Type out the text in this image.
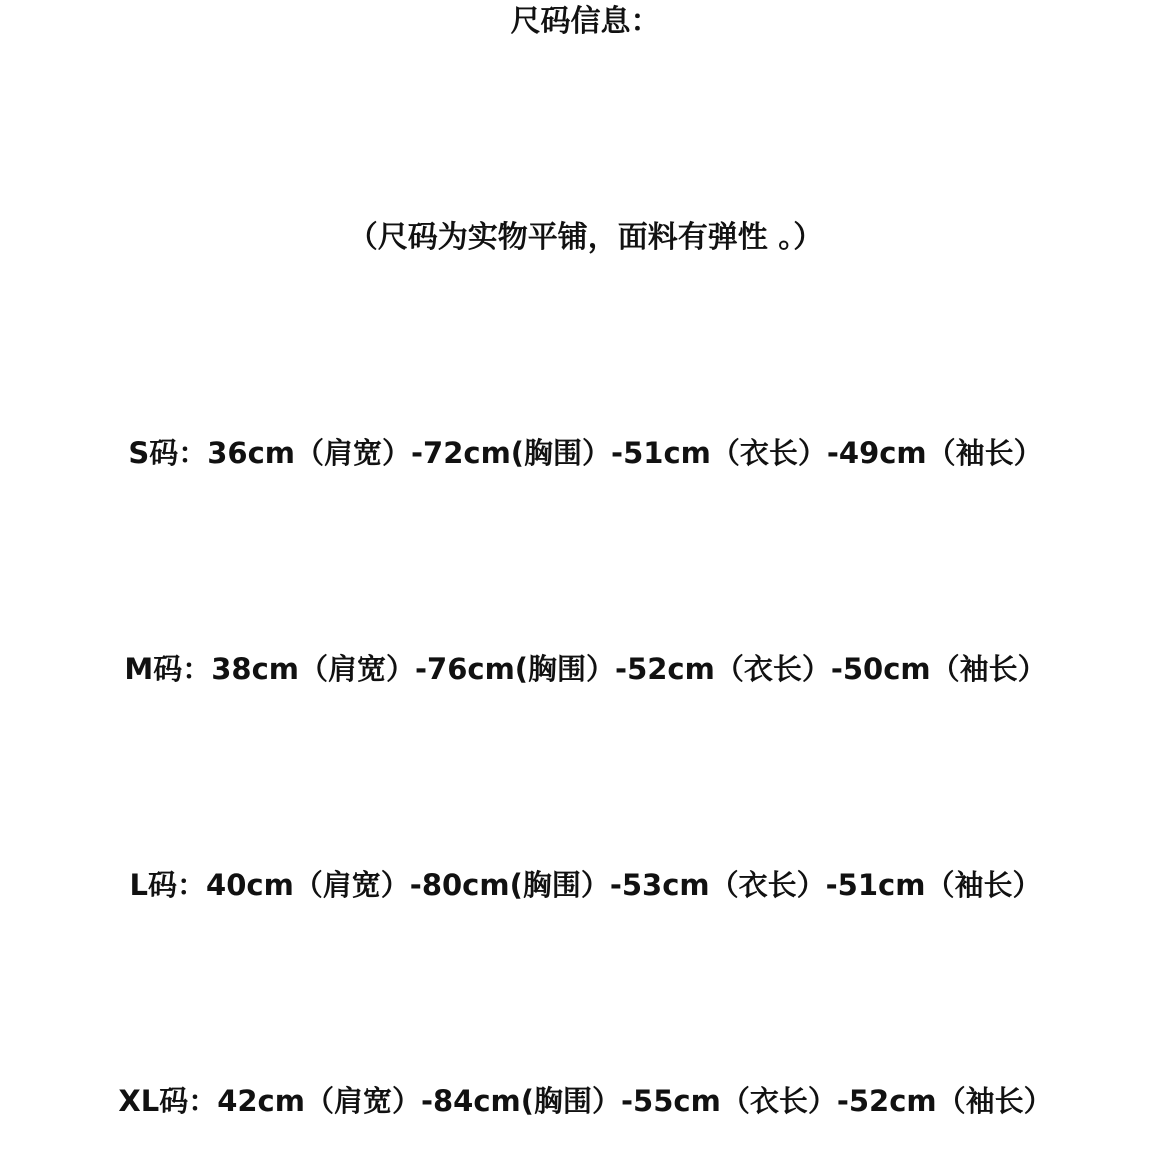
尺码信息：
（尺码为实物平铺，面料有弹性 。）
S码：36cm（肩宽）-72cm(胸围）-51cm（衣长）-49cm（袖长）
M码：38cm（肩宽）-76cm(胸围）-52cm（衣长）-50cm（袖长）
L码：40cm（肩宽）-80cm(胸围）-53cm（衣长）-51cm（袖长）
XL码：42cm（肩宽）-84cm(胸围）-55cm（衣长）-52cm（袖长）
